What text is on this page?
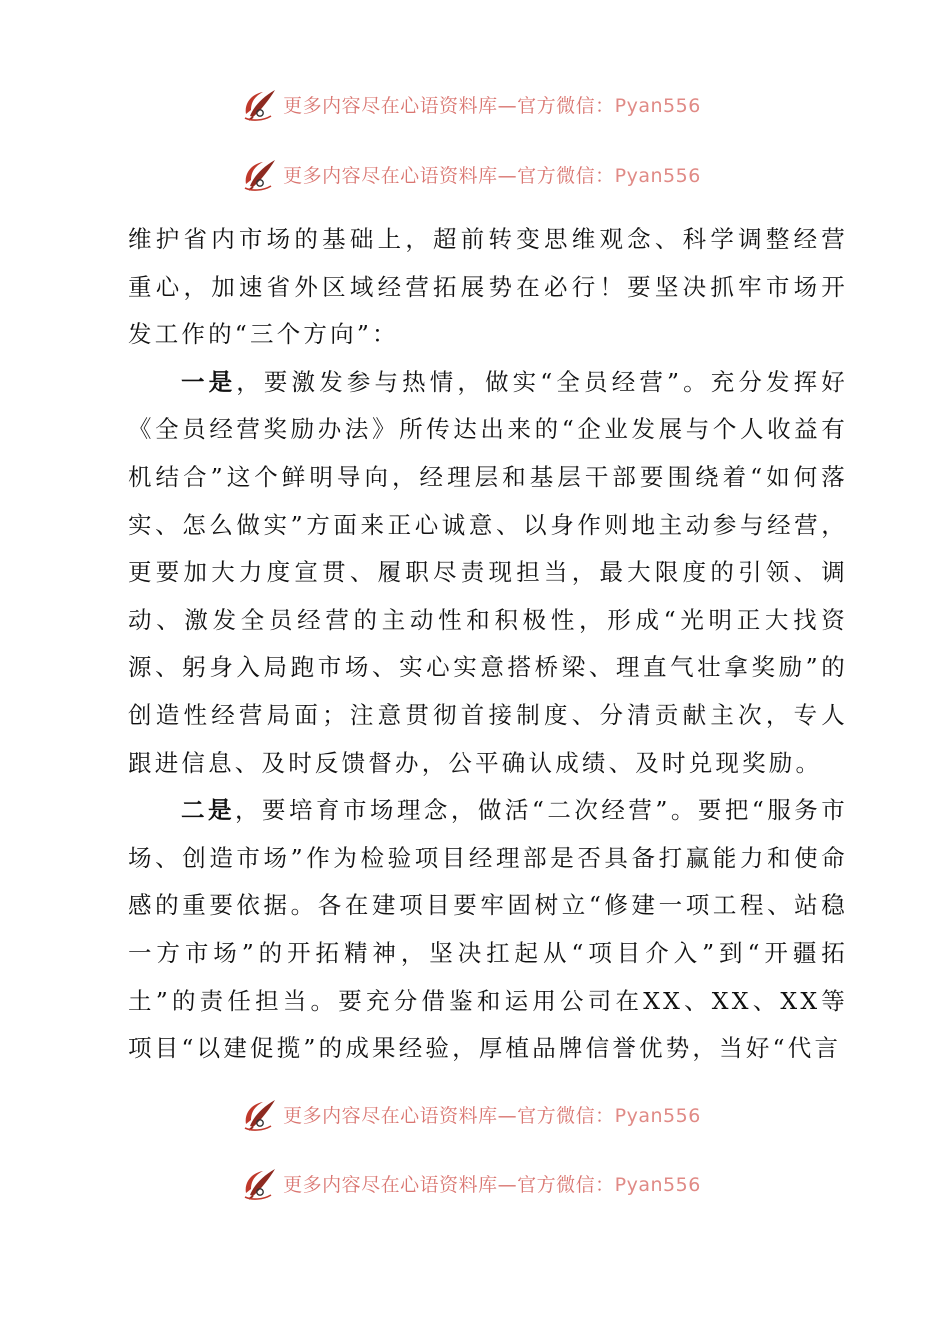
更多内容尽在心语资料库—官方微信：Pyan556
更多内容尽在心语资料库—官方微信：Pyan556

维护省内市场的基础上，超前转变思维观念、科学调整经营重心，加速省外区域经营拓展势在必行！要坚决抓牢市场开发工作的“三个方向”：

一是，要激发参与热情，做实“全员经营”。充分发挥好《全员经营奖励办法》所传达出来的“企业发展与个人收益有机结合”这个鲜明导向，经理层和基层干部要围绕着“如何落实、怎么做实”方面来正心诚意、以身作则地主动参与经营，更要加大力度宣贯、履职尽责现担当，最大限度的引领、调动、激发全员经营的主动性和积极性，形成“光明正大找资源、躬身入局跑市场、实心实意搭桥梁、理直气壮拿奖励”的创造性经营局面；注意贯彻首接制度、分清贡献主次，专人跟进信息、及时反馈督办，公平确认成绩、及时兑现奖励。

二是，要培育市场理念，做活“二次经营”。要把“服务市场、创造市场”作为检验项目经理部是否具备打赢能力和使命感的重要依据。各在建项目要牢固树立“修建一项工程、站稳一方市场”的开拓精神，坚决扛起从“项目介入”到“开疆拓土”的责任担当。要充分借鉴和运用公司在XX、XX、XX等项目“以建促揽”的成果经验，厚植品牌信誉优势，当好“代言

更多内容尽在心语资料库—官方微信：Pyan556
更多内容尽在心语资料库—官方微信：Pyan556
